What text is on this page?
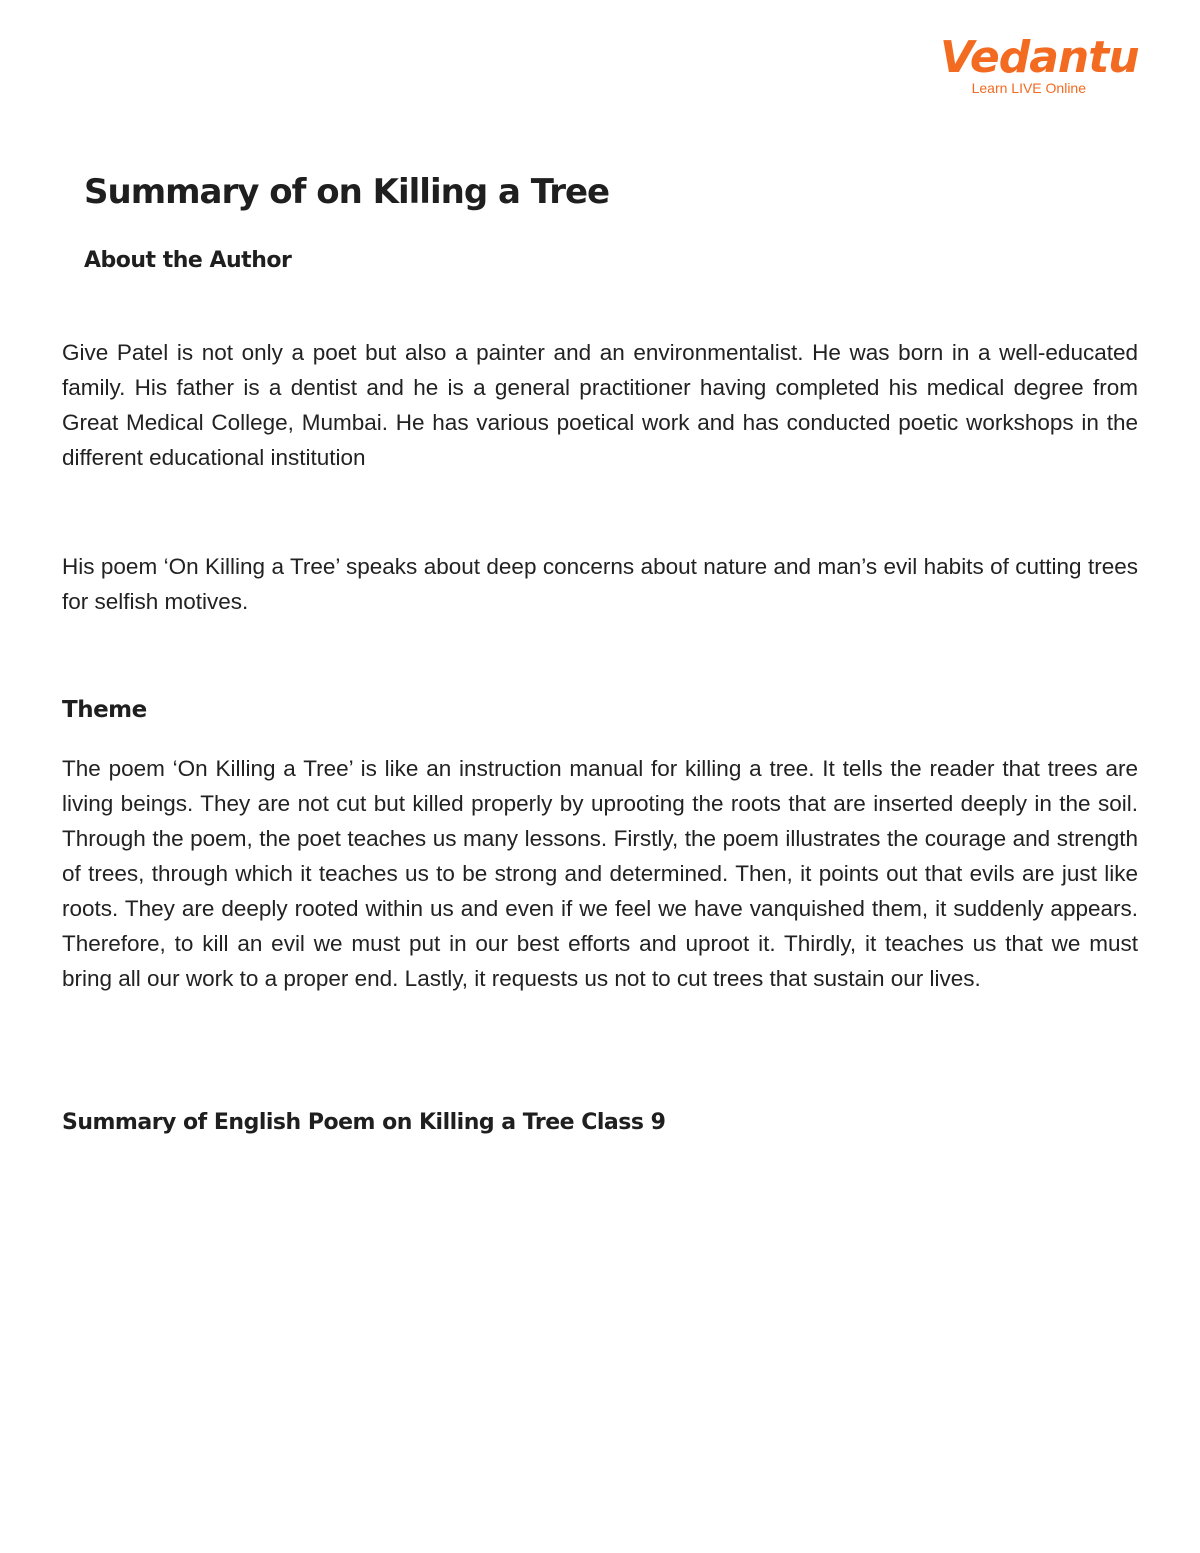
Vedantu
Learn LIVE Online
Summary of on Killing a Tree
About the Author

Give Patel is not only a poet but also a painter and an environmentalist. He was born in a well-educated family. His father is a dentist and he is a general practitioner having completed his medical degree from Great Medical College, Mumbai. He has various poetical work and has conducted poetic workshops in the different educational institution

His poem ‘On Killing a Tree’ speaks about deep concerns about nature and man’s evil habits of cutting trees for selfish motives.

Theme

The poem ‘On Killing a Tree’ is like an instruction manual for killing a tree. It tells the reader that trees are living beings. They are not cut but killed properly by uprooting the roots that are inserted deeply in the soil. Through the poem, the poet teaches us many lessons. Firstly, the poem illustrates the courage and strength of trees, through which it teaches us to be strong and determined. Then, it points out that evils are just like roots. They are deeply rooted within us and even if we feel we have vanquished them, it suddenly appears. Therefore, to kill an evil we must put in our best efforts and uproot it. Thirdly, it teaches us that we must bring all our work to a proper end. Lastly, it requests us not to cut trees that sustain our lives.

Summary of English Poem on Killing a Tree Class 9
